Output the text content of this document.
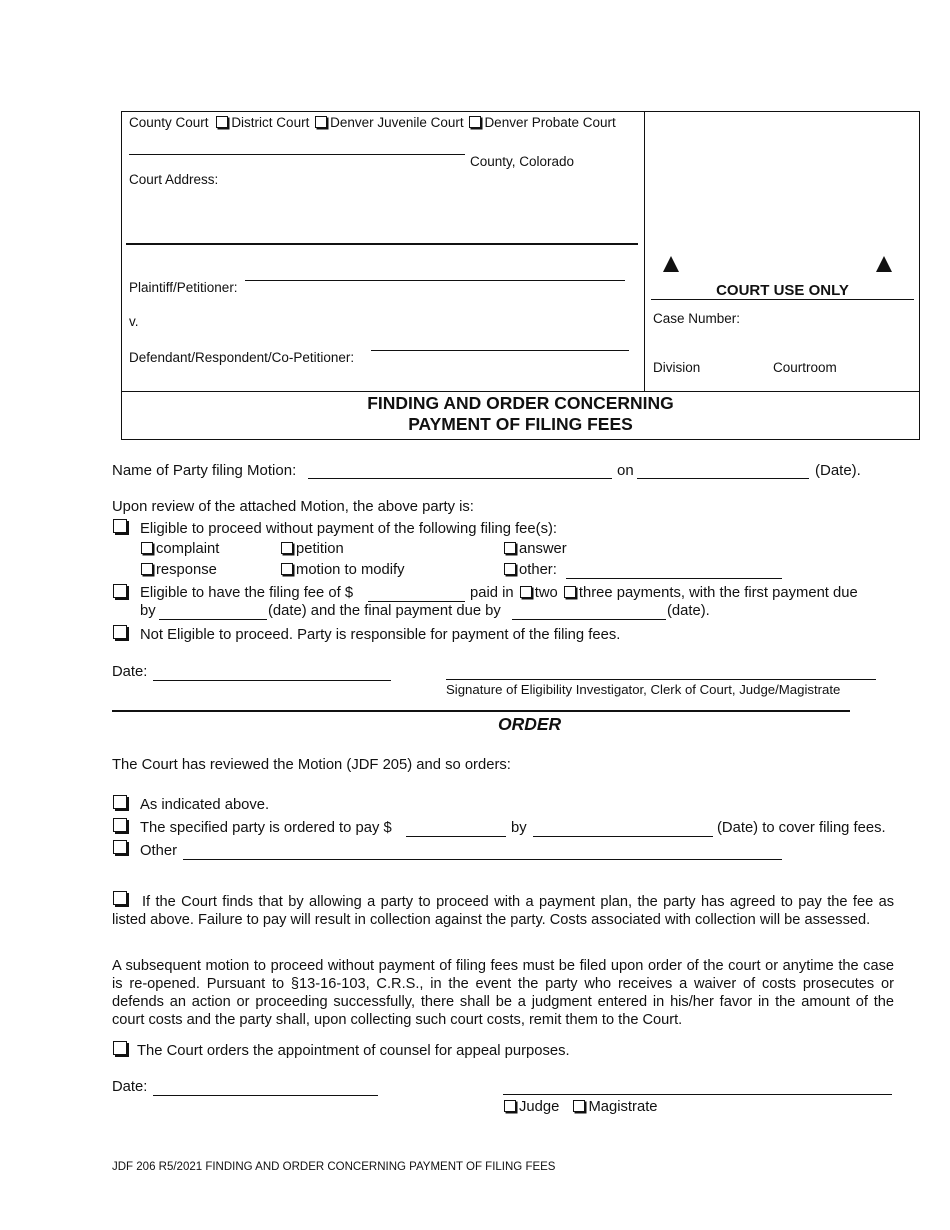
County Court District Court Denver Juvenile Court Denver Probate Court
County, Colorado
Court Address:
Plaintiff/Petitioner:
v.
Defendant/Respondent/Co-Petitioner:
COURT USE ONLY
Case Number:
Division	Courtroom
FINDING AND ORDER CONCERNING
PAYMENT OF FILING FEES
Name of Party filing Motion:	on	(Date).
Upon review of the attached Motion, the above party is:
Eligible to proceed without payment of the following filing fee(s):
complaint	petition	answer
response	motion to modify	other:
Eligible to have the filing fee of $	paid in two three payments, with the first payment due
by	(date) and the final payment due by	(date).
Not Eligible to proceed. Party is responsible for payment of the filing fees.
Date:
Signature of Eligibility Investigator, Clerk of Court, Judge/Magistrate
ORDER
The Court has reviewed the Motion (JDF 205) and so orders:
As indicated above.
The specified party is ordered to pay $	by	(Date) to cover filing fees.
Other
If the Court finds that by allowing a party to proceed with a payment plan, the party has agreed to pay the fee as listed above. Failure to pay will result in collection against the party. Costs associated with collection will be assessed.
A subsequent motion to proceed without payment of filing fees must be filed upon order of the court or anytime the case is re-opened. Pursuant to §13-16-103, C.R.S., in the event the party who receives a waiver of costs prosecutes or defends an action or proceeding successfully, there shall be a judgment entered in his/her favor in the amount of the court costs and the party shall, upon collecting such court costs, remit them to the Court.
The Court orders the appointment of counsel for appeal purposes.
Date:
Judge Magistrate
JDF 206 R5/2021 FINDING AND ORDER CONCERNING PAYMENT OF FILING FEES
